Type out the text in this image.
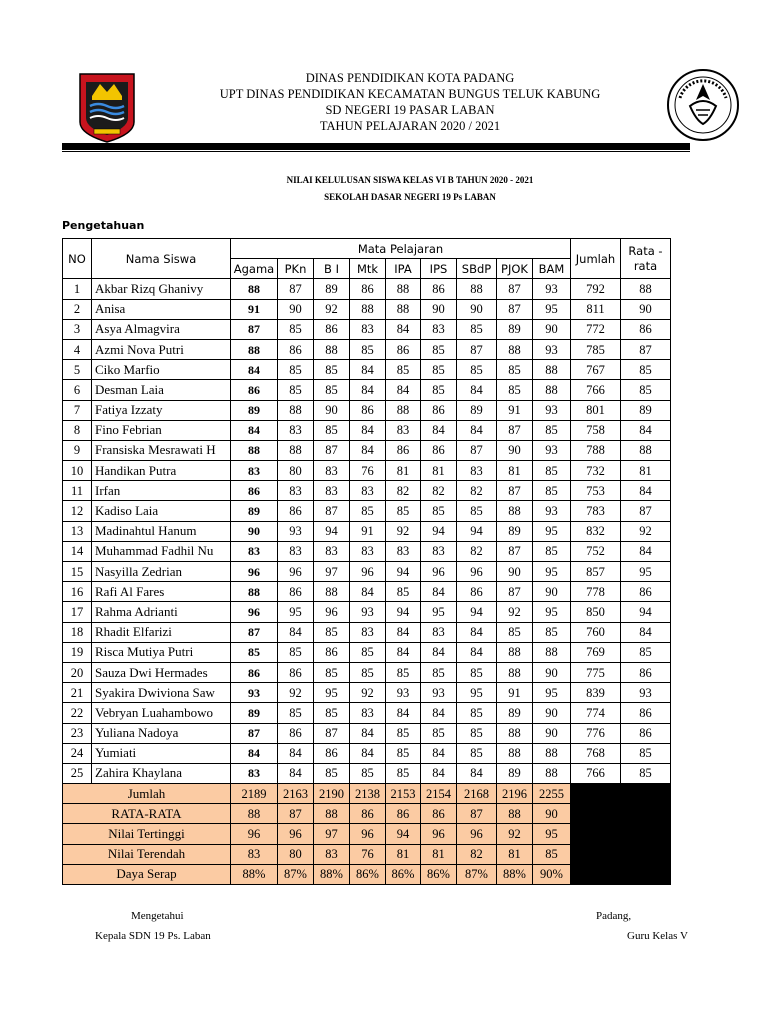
DINAS PENDIDIKAN KOTA PADANG
UPT DINAS PENDIDIKAN KECAMATAN BUNGUS TELUK KABUNG
SD NEGERI 19 PASAR LABAN
TAHUN PELAJARAN 2020 / 2021
NILAI KELULUSAN SISWA KELAS VI B TAHUN 2020 - 2021
SEKOLAH DASAR NEGERI 19 Ps LABAN
Pengetahuan
NO	Nama Siswa	Mata Pelajaran									Jumlah	Rata - rata
		Agama	PKn	B I	Mtk	IPA	IPS	SBdP	PJOK	BAM		
1	Akbar Rizq Ghanivy	88	87	89	86	88	86	88	87	93	792	88
2	Anisa	91	90	92	88	88	90	90	87	95	811	90
3	Asya Almagvira	87	85	86	83	84	83	85	89	90	772	86
4	Azmi Nova Putri	88	86	88	85	86	85	87	88	93	785	87
5	Ciko Marfio	84	85	85	84	85	85	85	85	88	767	85
6	Desman Laia	86	85	85	84	84	85	84	85	88	766	85
7	Fatiya Izzaty	89	88	90	86	88	86	89	91	93	801	89
8	Fino Febrian	84	83	85	84	83	84	84	87	85	758	84
9	Fransiska Mesrawati H	88	88	87	84	86	86	87	90	93	788	88
10	Handikan Putra	83	80	83	76	81	81	83	81	85	732	81
11	Irfan	86	83	83	83	82	82	82	87	85	753	84
12	Kadiso Laia	89	86	87	85	85	85	85	88	93	783	87
13	Madinahtul Hanum	90	93	94	91	92	94	94	89	95	832	92
14	Muhammad Fadhil Nu	83	83	83	83	83	83	82	87	85	752	84
15	Nasyilla Zedrian	96	96	97	96	94	96	96	90	95	857	95
16	Rafi Al Fares	88	86	88	84	85	84	86	87	90	778	86
17	Rahma Adrianti	96	95	96	93	94	95	94	92	95	850	94
18	Rhadit Elfarizi	87	84	85	83	84	83	84	85	85	760	84
19	Risca Mutiya Putri	85	85	86	85	84	84	84	88	88	769	85
20	Sauza Dwi Hermades	86	86	85	85	85	85	85	88	90	775	86
21	Syakira Dwiviona Saw	93	92	95	92	93	93	95	91	95	839	93
22	Vebryan Luahambowo	89	85	85	83	84	84	85	89	90	774	86
23	Yuliana Nadoya	87	86	87	84	85	85	85	88	90	776	86
24	Yumiati	84	84	86	84	85	84	85	88	88	768	85
25	Zahira Khaylana	83	84	85	85	85	84	84	89	88	766	85
Jumlah		2189	2163	2190	2138	2153	2154	2168	2196	2255		
RATA-RATA		88	87	88	86	86	86	87	88	90		
Nilai Tertinggi		96	96	97	96	94	96	96	92	95		
Nilai Terendah		83	80	83	76	81	81	82	81	85		
Daya Serap		88%	87%	88%	86%	86%	86%	87%	88%	90%		
Mengetahui
Kepala SDN 19 Ps. Laban
Padang,
Guru Kelas V
